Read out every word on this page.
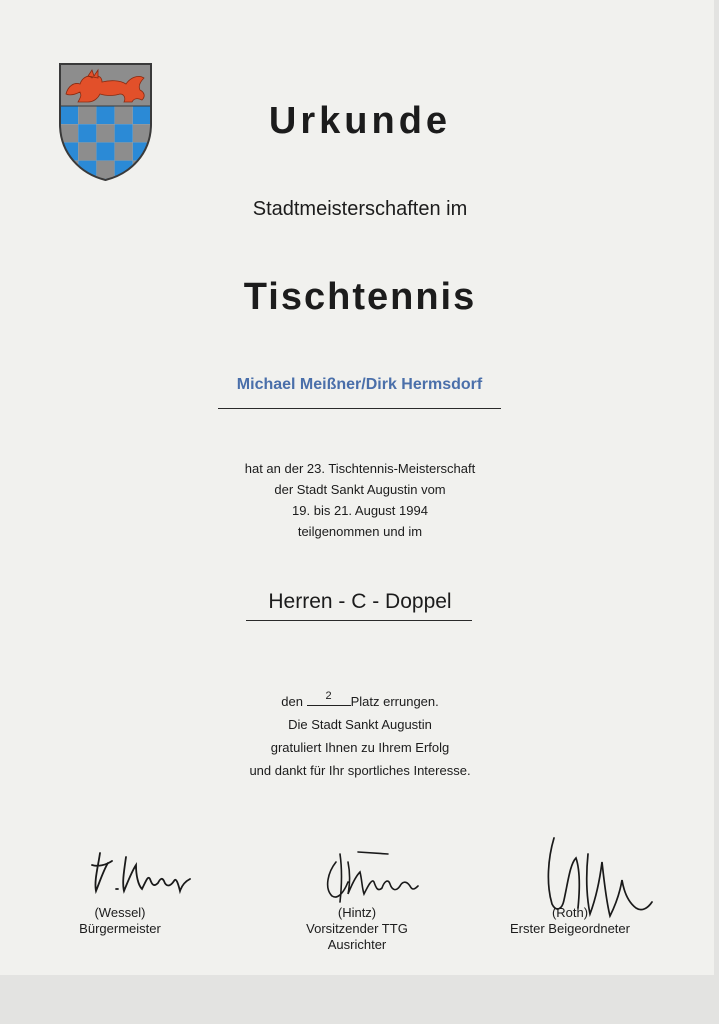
Urkunde
Stadtmeisterschaften im
Tischtennis
Michael Meißner/Dirk Hermsdorf
hat an der 23. Tischtennis-Meisterschaft
der Stadt Sankt Augustin vom
19. bis 21. August 1994
teilgenommen und im
Herren - C - Doppel
den	2	Platz errungen.
Die Stadt Sankt Augustin
gratuliert Ihnen zu Ihrem Erfolg
und dankt für Ihr sportliches Interesse.
(Wessel)
Bürgermeister
(Hintz)
Vorsitzender TTG
Ausrichter
(Roth)
Erster Beigeordneter
